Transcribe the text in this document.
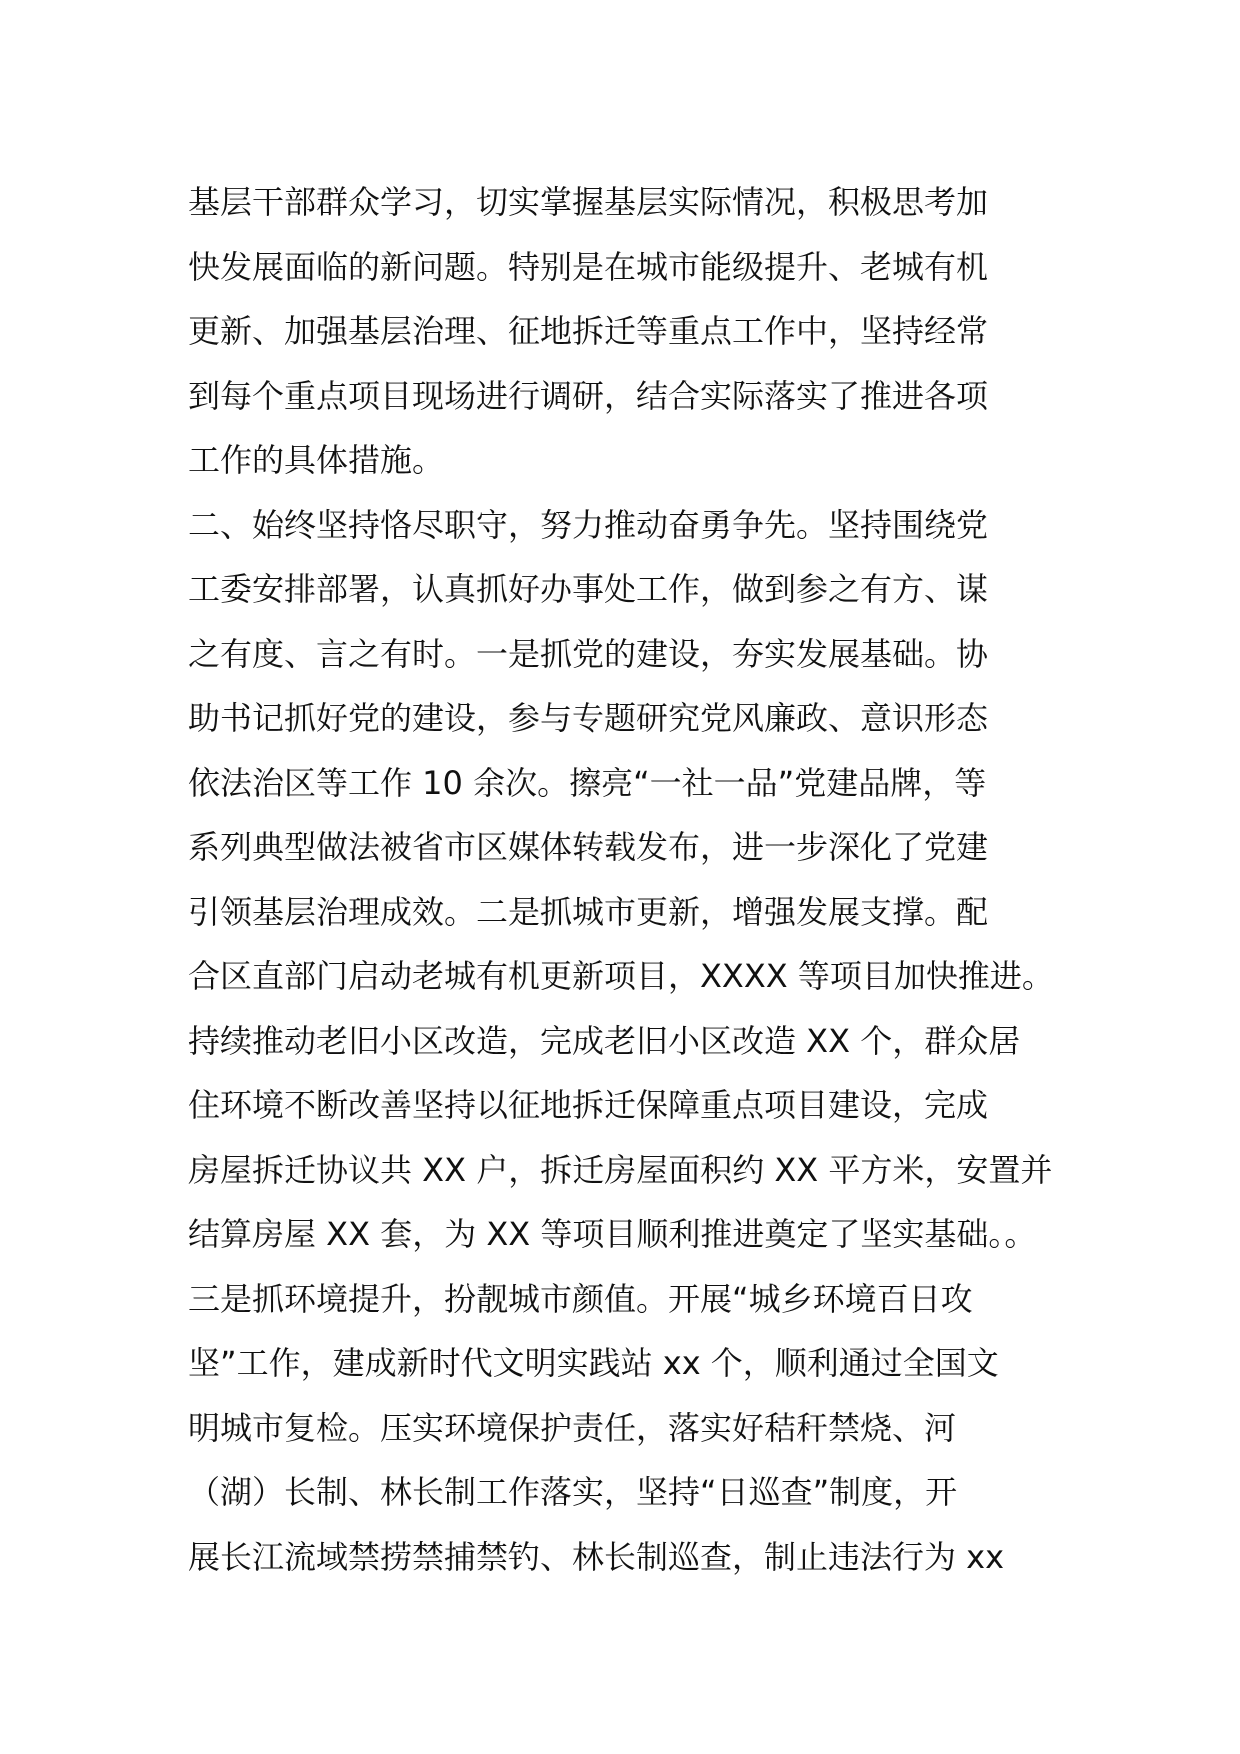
基层干部群众学习，切实掌握基层实际情况，积极思考加
快发展面临的新问题。特别是在城市能级提升、老城有机
更新、加强基层治理、征地拆迁等重点工作中，坚持经常
到每个重点项目现场进行调研，结合实际落实了推进各项
工作的具体措施。
二、始终坚持恪尽职守，努力推动奋勇争先。坚持围绕党
工委安排部署，认真抓好办事处工作，做到参之有方、谋
之有度、言之有时。一是抓党的建设，夯实发展基础。协
助书记抓好党的建设，参与专题研究党风廉政、意识形态
依法治区等工作 10 余次。擦亮“一社一品”党建品牌，等
系列典型做法被省市区媒体转载发布，进一步深化了党建
引领基层治理成效。二是抓城市更新，增强发展支撑。配
合区直部门启动老城有机更新项目，XXXX 等项目加快推进。
持续推动老旧小区改造，完成老旧小区改造 XX 个，群众居
住环境不断改善坚持以征地拆迁保障重点项目建设，完成
房屋拆迁协议共 XX 户，拆迁房屋面积约 XX 平方米，安置并
结算房屋 XX 套，为 XX 等项目顺利推进奠定了坚实基础。。
三是抓环境提升，扮靓城市颜值。开展“城乡环境百日攻
坚”工作，建成新时代文明实践站 xx 个，顺利通过全国文
明城市复检。压实环境保护责任，落实好秸秆禁烧、河
（湖）长制、林长制工作落实，坚持“日巡查”制度，开
展长江流域禁捞禁捕禁钓、林长制巡查，制止违法行为 xx
